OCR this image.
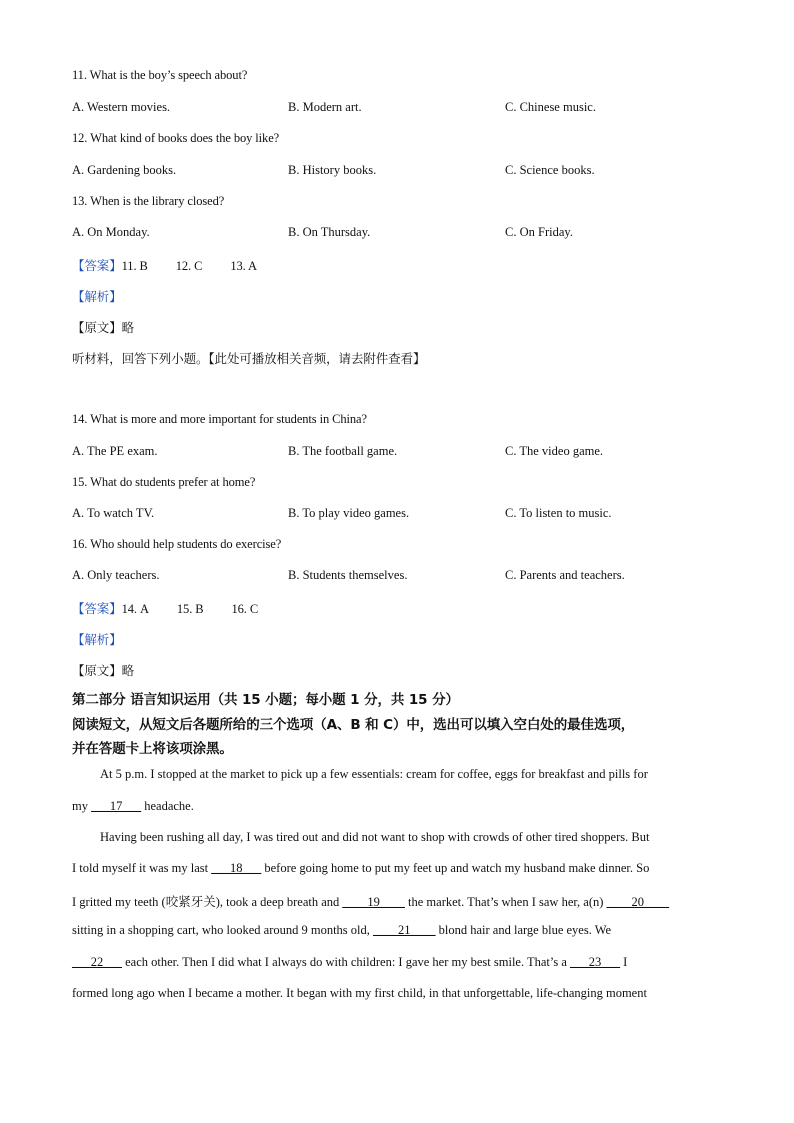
11. What is the boy’s speech about?
A. Western movies.	B. Modern art.	C. Chinese music.
12. What kind of books does the boy like?
A. Gardening books.	B. History books.	C. Science books.
13. When is the library closed?
A. On Monday.	B. On Thursday.	C. On Friday.
【答案】11. B 12. C 13. A
【解析】
【原文】略
听材料，回答下列小题。【此处可播放相关音频，请去附件查看】
14. What is more and more important for students in China?
A. The PE exam.	B. The football game.	C. The video game.
15. What do students prefer at home?
A. To watch TV.	B. To play video games.	C. To listen to music.
16. Who should help students do exercise?
A. Only teachers.	B. Students themselves.	C. Parents and teachers.
【答案】14. A 15. B 16. C
【解析】
【原文】略
第二部分 语言知识运用（共 15 小题；每小题 1 分，共 15 分）
阅读短文，从短文后各题所给的三个选项（A、B 和 C）中，选出可以填入空白处的最佳选项，
并在答题卡上将该项涂黑。
At 5 p.m. I stopped at the market to pick up a few essentials: cream for coffee, eggs for breakfast and pills for
my ___17___ headache.
Having been rushing all day, I was tired out and did not want to shop with crowds of other tired shoppers. But
I told myself it was my last ___18___ before going home to put my feet up and watch my husband make dinner. So
I gritted my teeth (咬紧牙关), took a deep breath and ____19____ the market. That’s when I saw her, a(n) ____20____
sitting in a shopping cart, who looked around 9 months old, ____21____ blond hair and large blue eyes. We
___22___ each other. Then I did what I always do with children: I gave her my best smile. That’s a ___23___ I
formed long ago when I became a mother. It began with my first child, in that unforgettable, life-changing moment
